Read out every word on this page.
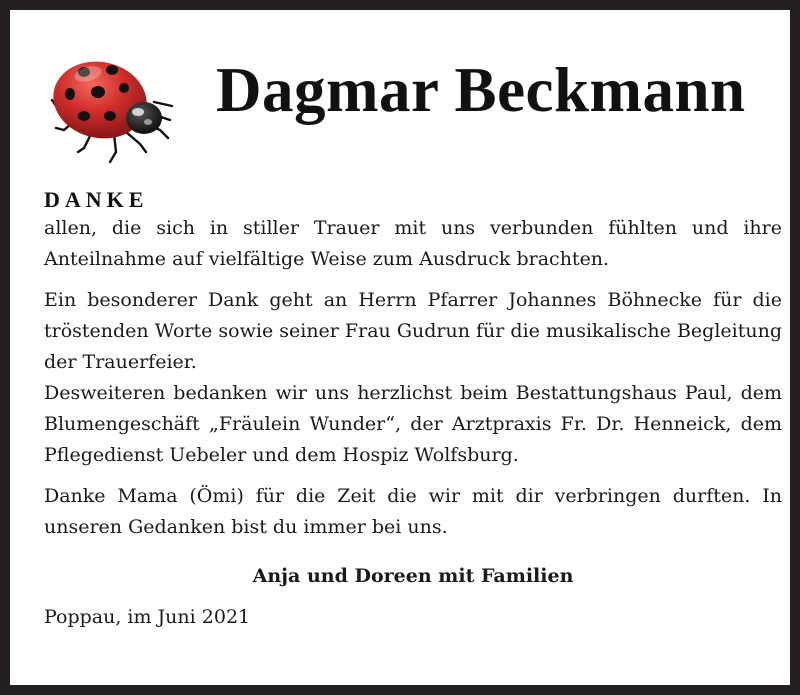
Dagmar Beckmann
DANKE

allen, die sich in stiller Trauer mit uns verbunden fühlten und ihre Anteilnahme auf vielfältige Weise zum Ausdruck brachten.

Ein besonderer Dank geht an Herrn Pfarrer Johannes Böhnecke für die tröstenden Worte sowie seiner Frau Gudrun für die musikalische Begleitung der Trauerfeier.

Desweiteren bedanken wir uns herzlichst beim Bestattungshaus Paul, dem Blumengeschäft „Fräulein Wunder“, der Arztpraxis Fr. Dr. Henneick, dem Pflegedienst Uebeler und dem Hospiz Wolfsburg.

Danke Mama (Ömi) für die Zeit die wir mit dir verbringen durften. In unseren Gedanken bist du immer bei uns.

Anja und Doreen mit Familien

Poppau, im Juni 2021
